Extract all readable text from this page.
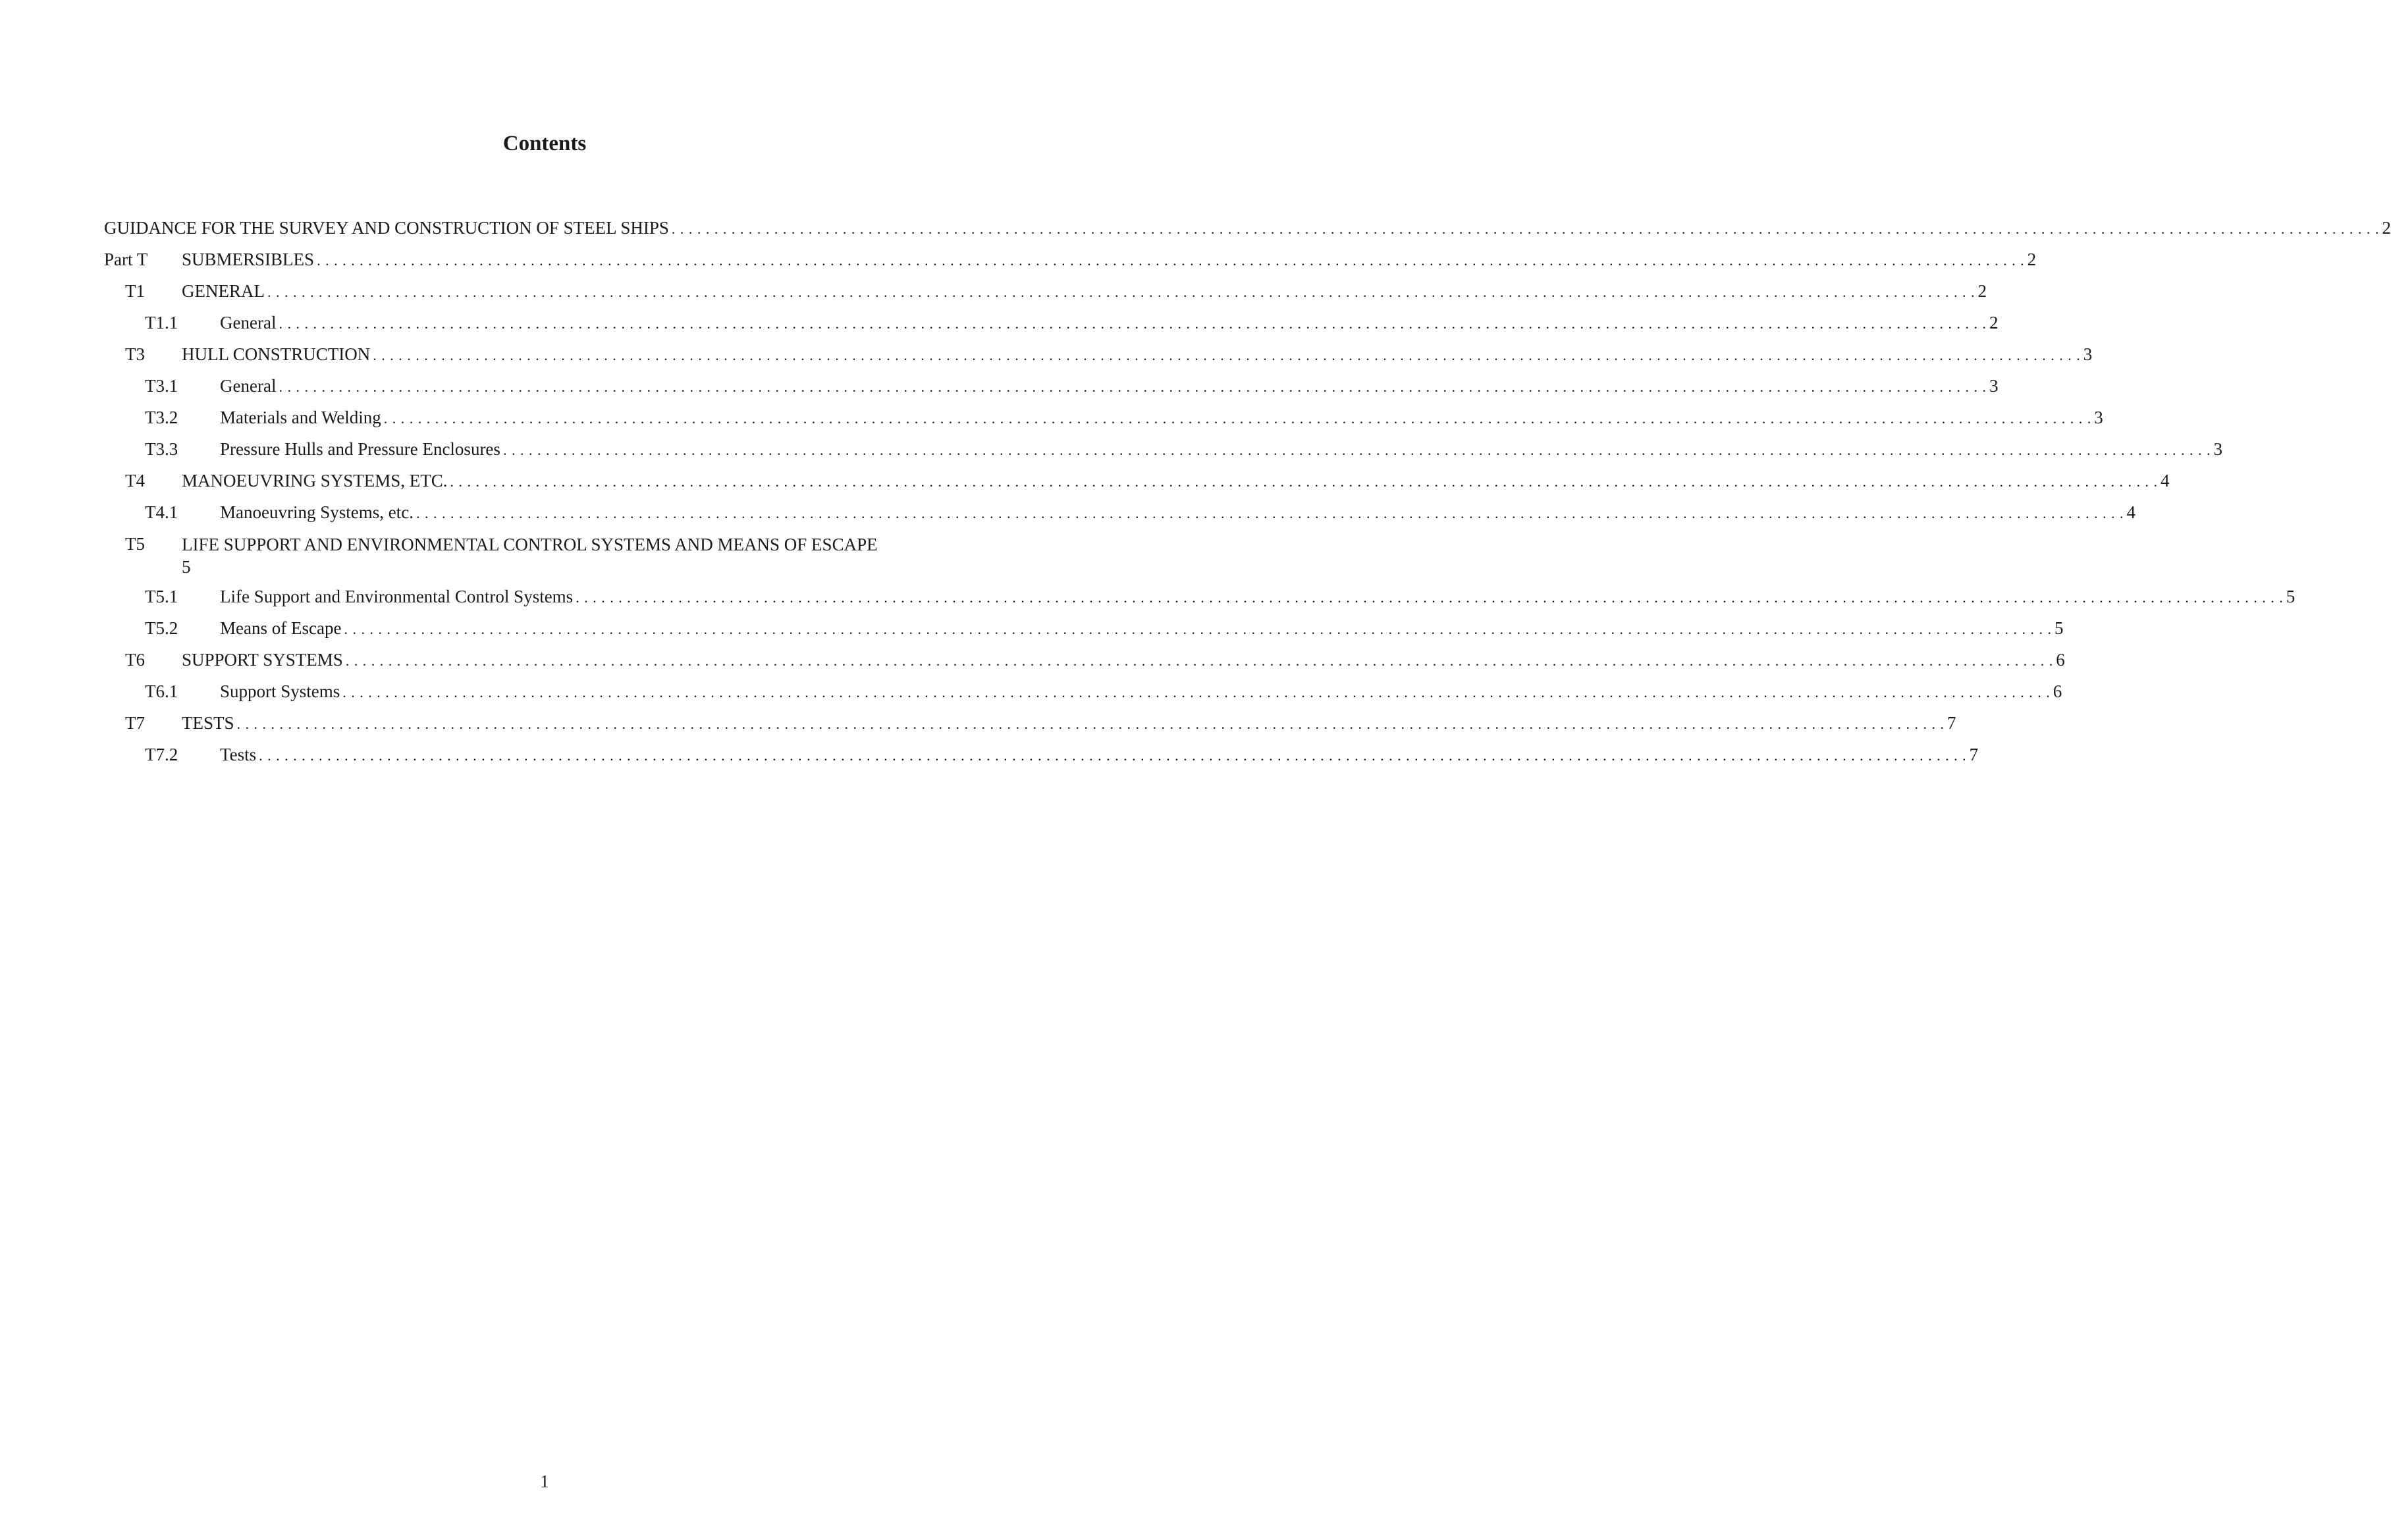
Contents
GUIDANCE FOR THE SURVEY AND CONSTRUCTION OF STEEL SHIPS . . . . . . . . . . . . . . . . . . . . . . . . . . . . . . . . . . . . . . . . . . . . . . . . . . . . . . . . . . . . . . . . . . . . . . . . . . . . . . . . . . . . . . . . . . . . . . . . . . . . . . . . . . . . . . . . . . . . . . . . . . . . . . . . . . . . . . . . . . . . . . . . . . . . . . . . . . . . . . . . . . . . . . . . . . . . . . . . . . . . . . . . . . . . . . . . . . . . . . . . 2
Part T SUBMERSIBLES . . . . . . . . . . . . . . . . . . . . . . . . . . . . . . . . . . . . . . . . . . . . . . . . . . . . . . . . . . . . . . . . . . . . . . . . . . . . . . . . . . . . . . . . . . . . . . . . . . . . . . . . . . . . . . . . . . . . . . . . . . . . . . . . . . . . . . . . . . . . . . . . . . . . . . . . . . . . . . . . . . . . . . . . . . . . . . . . . . . . . . . . . . . . . . . . . . . . . . . . 2
T1 GENERAL . . . . . . . . . . . . . . . . . . . . . . . . . . . . . . . . . . . . . . . . . . . . . . . . . . . . . . . . . . . . . . . . . . . . . . . . . . . . . . . . . . . . . . . . . . . . . . . . . . . . . . . . . . . . . . . . . . . . . . . . . . . . . . . . . . . . . . . . . . . . . . . . . . . . . . . . . . . . . . . . . . . . . . . . . . . . . . . . . . . . . . . . . . . . . . . . . . . . . . . . 2
T1.1 General . . . . . . . . . . . . . . . . . . . . . . . . . . . . . . . . . . . . . . . . . . . . . . . . . . . . . . . . . . . . . . . . . . . . . . . . . . . . . . . . . . . . . . . . . . . . . . . . . . . . . . . . . . . . . . . . . . . . . . . . . . . . . . . . . . . . . . . . . . . . . . . . . . . . . . . . . . . . . . . . . . . . . . . . . . . . . . . . . . . . . . . . . . . . . . . . . . . . . . . . 2
T3 HULL CONSTRUCTION . . . . . . . . . . . . . . . . . . . . . . . . . . . . . . . . . . . . . . . . . . . . . . . . . . . . . . . . . . . . . . . . . . . . . . . . . . . . . . . . . . . . . . . . . . . . . . . . . . . . . . . . . . . . . . . . . . . . . . . . . . . . . . . . . . . . . . . . . . . . . . . . . . . . . . . . . . . . . . . . . . . . . . . . . . . . . . . . . . . . . . . . . . . . . . . . . . . . . . . . 3
T3.1 General . . . . . . . . . . . . . . . . . . . . . . . . . . . . . . . . . . . . . . . . . . . . . . . . . . . . . . . . . . . . . . . . . . . . . . . . . . . . . . . . . . . . . . . . . . . . . . . . . . . . . . . . . . . . . . . . . . . . . . . . . . . . . . . . . . . . . . . . . . . . . . . . . . . . . . . . . . . . . . . . . . . . . . . . . . . . . . . . . . . . . . . . . . . . . . . . . . . . . . . . 3
T3.2 Materials and Welding . . . . . . . . . . . . . . . . . . . . . . . . . . . . . . . . . . . . . . . . . . . . . . . . . . . . . . . . . . . . . . . . . . . . . . . . . . . . . . . . . . . . . . . . . . . . . . . . . . . . . . . . . . . . . . . . . . . . . . . . . . . . . . . . . . . . . . . . . . . . . . . . . . . . . . . . . . . . . . . . . . . . . . . . . . . . . . . . . . . . . . . . . . . . . . . . . . . . . . . . 3
T3.3 Pressure Hulls and Pressure Enclosures . . . . . . . . . . . . . . . . . . . . . . . . . . . . . . . . . . . . . . . . . . . . . . . . . . . . . . . . . . . . . . . . . . . . . . . . . . . . . . . . . . . . . . . . . . . . . . . . . . . . . . . . . . . . . . . . . . . . . . . . . . . . . . . . . . . . . . . . . . . . . . . . . . . . . . . . . . . . . . . . . . . . . . . . . . . . . . . . . . . . . . . . . . . . . . . . . . . . . . . . 3
T4 MANOEUVRING SYSTEMS, ETC. . . . . . . . . . . . . . . . . . . . . . . . . . . . . . . . . . . . . . . . . . . . . . . . . . . . . . . . . . . . . . . . . . . . . . . . . . . . . . . . . . . . . . . . . . . . . . . . . . . . . . . . . . . . . . . . . . . . . . . . . . . . . . . . . . . . . . . . . . . . . . . . . . . . . . . . . . . . . . . . . . . . . . . . . . . . . . . . . . . . . . . . . . . . . . . . . . . . . . . . . 4
T4.1 Manoeuvring Systems, etc. . . . . . . . . . . . . . . . . . . . . . . . . . . . . . . . . . . . . . . . . . . . . . . . . . . . . . . . . . . . . . . . . . . . . . . . . . . . . . . . . . . . . . . . . . . . . . . . . . . . . . . . . . . . . . . . . . . . . . . . . . . . . . . . . . . . . . . . . . . . . . . . . . . . . . . . . . . . . . . . . . . . . . . . . . . . . . . . . . . . . . . . . . . . . . . . . . . . . . . . . 4
T5 LIFE SUPPORT AND ENVIRONMENTAL CONTROL SYSTEMS AND MEANS OF ESCAPE
5
T5.1 Life Support and Environmental Control Systems . . . . . . . . . . . . . . . . . . . . . . . . . . . . . . . . . . . . . . . . . . . . . . . . . . . . . . . . . . . . . . . . . . . . . . . . . . . . . . . . . . . . . . . . . . . . . . . . . . . . . . . . . . . . . . . . . . . . . . . . . . . . . . . . . . . . . . . . . . . . . . . . . . . . . . . . . . . . . . . . . . . . . . . . . . . . . . . . . . . . . . . . . . . . . . . . . . . . . . . . 5
T5.2 Means of Escape . . . . . . . . . . . . . . . . . . . . . . . . . . . . . . . . . . . . . . . . . . . . . . . . . . . . . . . . . . . . . . . . . . . . . . . . . . . . . . . . . . . . . . . . . . . . . . . . . . . . . . . . . . . . . . . . . . . . . . . . . . . . . . . . . . . . . . . . . . . . . . . . . . . . . . . . . . . . . . . . . . . . . . . . . . . . . . . . . . . . . . . . . . . . . . . . . . . . . . . . 5
T6 SUPPORT SYSTEMS . . . . . . . . . . . . . . . . . . . . . . . . . . . . . . . . . . . . . . . . . . . . . . . . . . . . . . . . . . . . . . . . . . . . . . . . . . . . . . . . . . . . . . . . . . . . . . . . . . . . . . . . . . . . . . . . . . . . . . . . . . . . . . . . . . . . . . . . . . . . . . . . . . . . . . . . . . . . . . . . . . . . . . . . . . . . . . . . . . . . . . . . . . . . . . . . . . . . . . . . 6
T6.1 Support Systems . . . . . . . . . . . . . . . . . . . . . . . . . . . . . . . . . . . . . . . . . . . . . . . . . . . . . . . . . . . . . . . . . . . . . . . . . . . . . . . . . . . . . . . . . . . . . . . . . . . . . . . . . . . . . . . . . . . . . . . . . . . . . . . . . . . . . . . . . . . . . . . . . . . . . . . . . . . . . . . . . . . . . . . . . . . . . . . . . . . . . . . . . . . . . . . . . . . . . . . . 6
T7 TESTS . . . . . . . . . . . . . . . . . . . . . . . . . . . . . . . . . . . . . . . . . . . . . . . . . . . . . . . . . . . . . . . . . . . . . . . . . . . . . . . . . . . . . . . . . . . . . . . . . . . . . . . . . . . . . . . . . . . . . . . . . . . . . . . . . . . . . . . . . . . . . . . . . . . . . . . . . . . . . . . . . . . . . . . . . . . . . . . . . . . . . . . . . . . . . . . . . . . . . . . . 7
T7.2 Tests . . . . . . . . . . . . . . . . . . . . . . . . . . . . . . . . . . . . . . . . . . . . . . . . . . . . . . . . . . . . . . . . . . . . . . . . . . . . . . . . . . . . . . . . . . . . . . . . . . . . . . . . . . . . . . . . . . . . . . . . . . . . . . . . . . . . . . . . . . . . . . . . . . . . . . . . . . . . . . . . . . . . . . . . . . . . . . . . . . . . . . . . . . . . . . . . . . . . . . . . 7
1
